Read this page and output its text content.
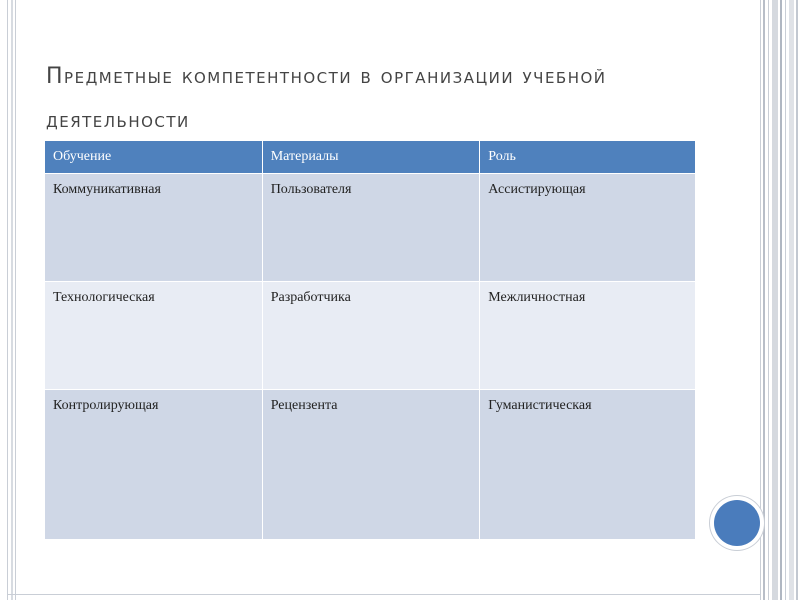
предметные компетентности в организации учебной деятельности
Обучение	Материалы	Роль
Коммуникативная	Пользователя	Ассистирующая
Технологическая	Разработчика	Межличностная
Контролирующая	Рецензента	Гуманистическая
